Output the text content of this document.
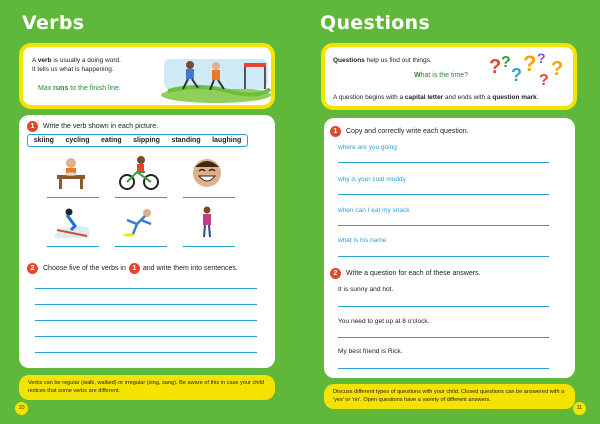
Verbs
A verb is usually a doing word.
It tells us what is happening.
Max runs to the finish line.
1	Write the verb shown in each picture.
skiing cycling eating slipping standing laughing
2	Choose five of the verbs in 1 and write them into sentences.
Verbs can be regular (walk, walked) or irregular (sing, sang). Be aware of this in case your child notices that some verbs are different.
10
Questions
Questions help us find out things.
What is the time?
A question begins with a capital letter and ends with a question mark.
? ?
? ? ?
?
?
1	Copy and correctly write each question.
where are you going
why is your coat muddy
when can I eat my snack
what is his name
2	Write a question for each of these answers.
It is sunny and hot.
You need to get up at 8 o'clock.
My best friend is Rick.
Discuss different types of questions with your child. Closed questions can be answered with a 'yes' or 'no'. Open questions have a variety of different answers.
11
